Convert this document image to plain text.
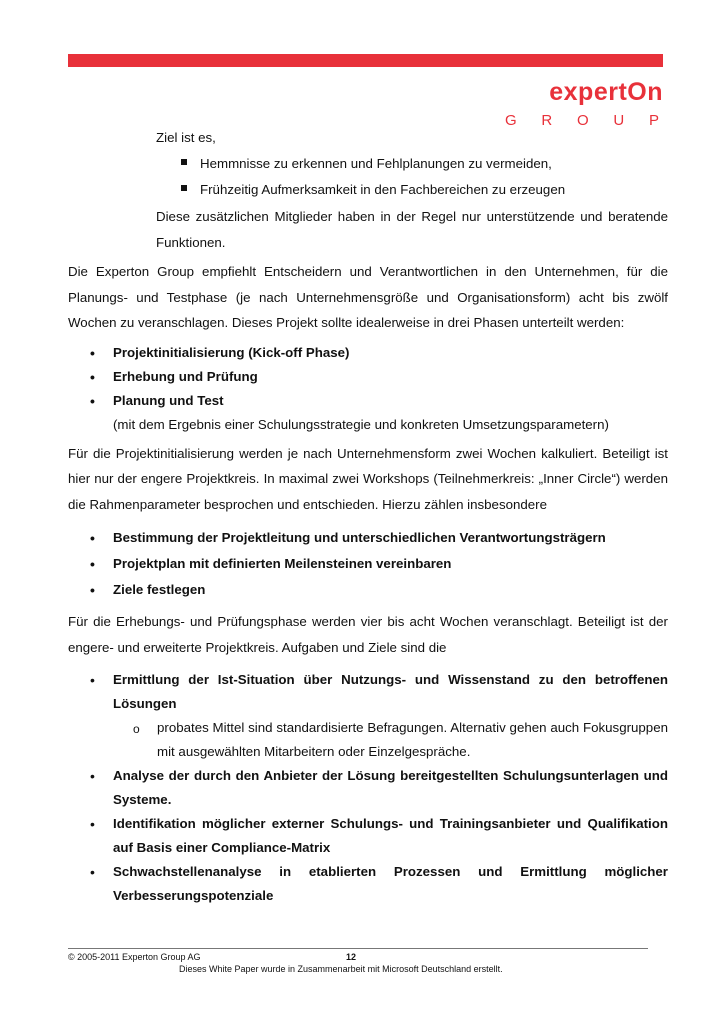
expertOn
G R O U P
Ziel ist es,
Hemmnisse zu erkennen und Fehlplanungen zu vermeiden,
Frühzeitig Aufmerksamkeit in den Fachbereichen zu erzeugen

Diese zusätzlichen Mitglieder haben in der Regel nur unterstützende und beratende Funktionen.

Die Experton Group empfiehlt Entscheidern und Verantwortlichen in den Unternehmen, für die Planungs- und Testphase (je nach Unternehmensgröße und Organisationsform) acht bis zwölf Wochen zu veranschlagen. Dieses Projekt sollte idealerweise in drei Phasen unterteilt werden:

• Projektinitialisierung (Kick-off Phase)
• Erhebung und Prüfung
• Planung und Test
(mit dem Ergebnis einer Schulungsstrategie und konkreten Umsetzungsparametern)

Für die Projektinitialisierung werden je nach Unternehmensform zwei Wochen kalkuliert. Beteiligt ist hier nur der engere Projektkreis. In maximal zwei Workshops (Teilnehmerkreis: „Inner Circle“) werden die Rahmenparameter besprochen und entschieden. Hierzu zählen insbesondere

• Bestimmung der Projektleitung und unterschiedlichen Verantwortungsträgern
• Projektplan mit definierten Meilensteinen vereinbaren
• Ziele festlegen

Für die Erhebungs- und Prüfungsphase werden vier bis acht Wochen veranschlagt. Beteiligt ist der engere- und erweiterte Projektkreis. Aufgaben und Ziele sind die

• Ermittlung der Ist-Situation über Nutzungs- und Wissenstand zu den betroffenen Lösungen

o probates Mittel sind standardisierte Befragungen. Alternativ gehen auch Fokusgruppen mit ausgewählten Mitarbeitern oder Einzelgespräche.

• Analyse der durch den Anbieter der Lösung bereitgestellten Schulungsunterlagen und Systeme.

• Identifikation möglicher externer Schulungs- und Trainingsanbieter und Qualifikation auf Basis einer Compliance-Matrix

• Schwachstellenanalyse in etablierten Prozessen und Ermittlung möglicher Verbesserungspotenziale

© 2005-2011 Experton Group AG	12
Dieses White Paper wurde in Zusammenarbeit mit Microsoft Deutschland erstellt.
